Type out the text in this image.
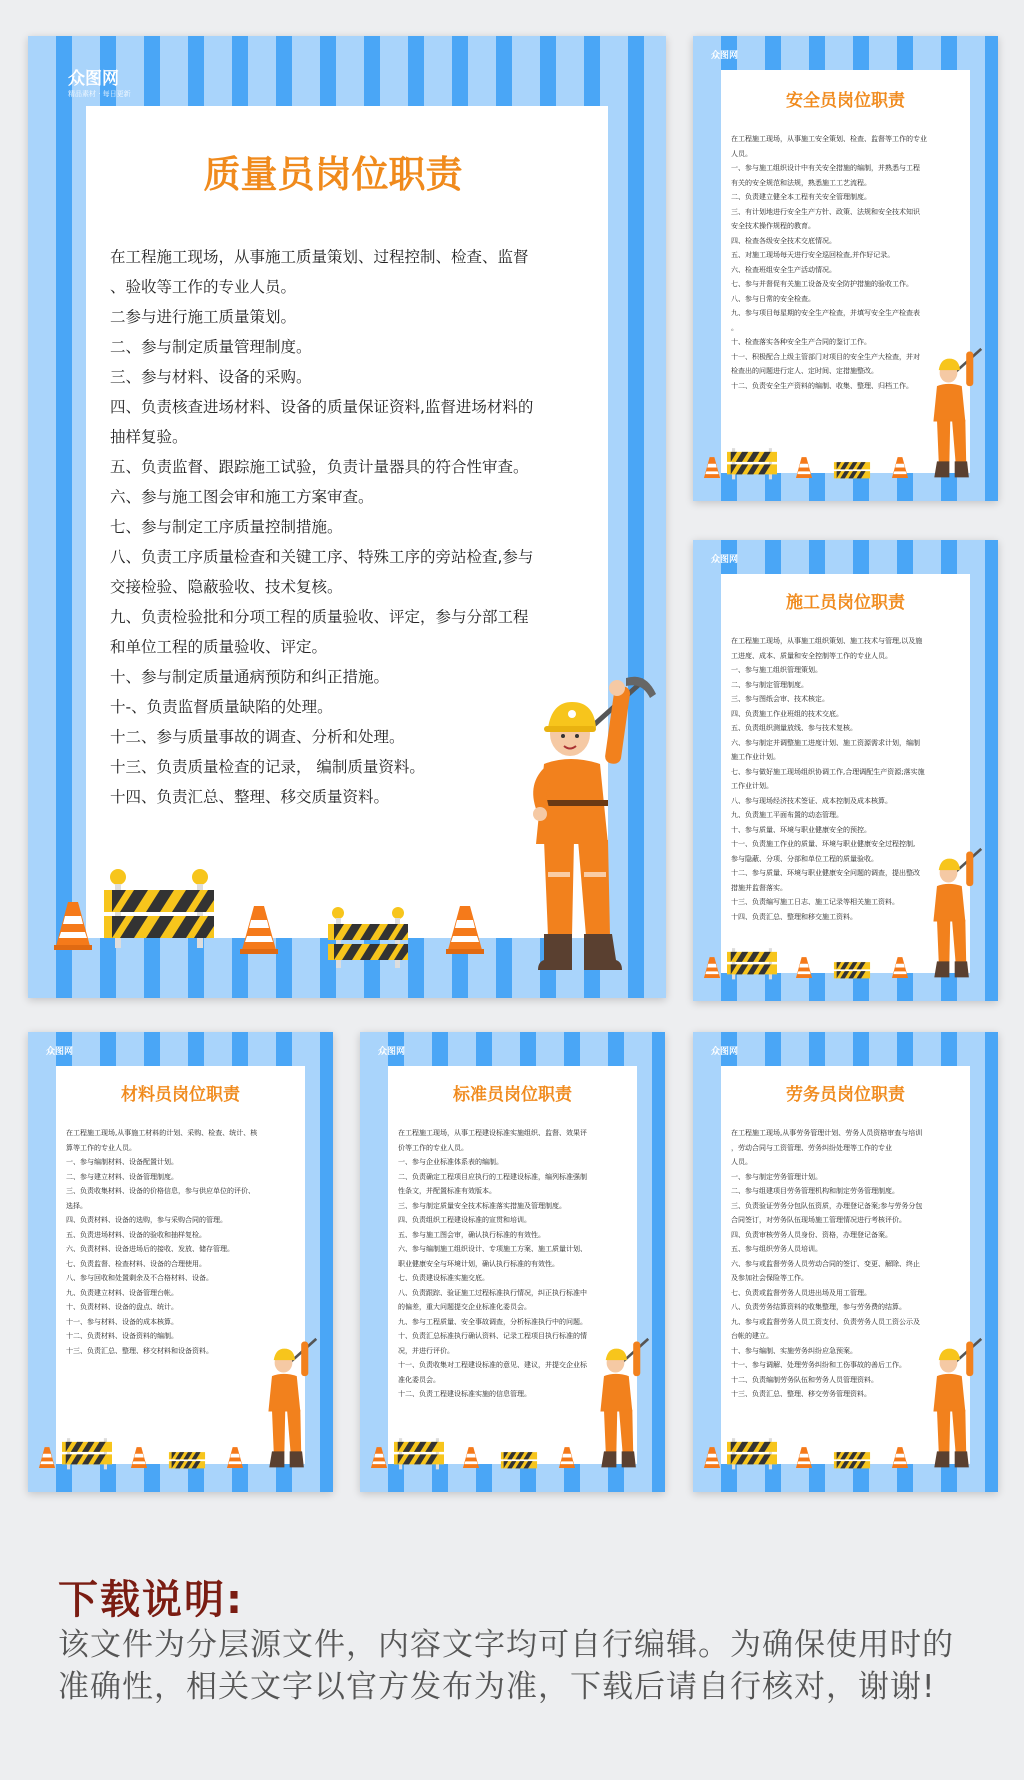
众图网
精品素材 · 每日更新
质量员岗位职责
在工程施工现场，从事施工质量策划、过程控制、检查、监督
、验收等工作的专业人员。
二参与进行施工质量策划。
二、参与制定质量管理制度。
三、参与材料、设备的采购。
四、负责核查进场材料、设备的质量保证资料,监督进场材料的
抽样复验。
五、负责监督、跟踪施工试验，负责计量器具的符合性审查。
六、参与施工图会审和施工方案审查。
七、参与制定工序质量控制措施。
八、负责工序质量检查和关键工序、特殊工序的旁站检查,参与
交接检验、隐蔽验收、技术复核。
九、负责检验批和分项工程的质量验收、评定，参与分部工程
和单位工程的质量验收、评定。
十、参与制定质量通病预防和纠正措施。
十-、负责监督质量缺陷的处理。
十二、参与质量事故的调查、分析和处理。
十三、负责质量检查的记录， 编制质量资料。
十四、负责汇总、整理、移交质量资料。
众图网
安全员岗位职责
在工程施工现场，从事施工安全策划、检查、监督等工作的专业
人员。
一、参与施工组织设计中有关安全措施的编制，并熟悉与工程
有关的安全规范和法规，熟悉施工工艺流程。
二、负责建立健全本工程有关安全管理制度。
三、有计划地进行安全生产方针、政策、法规和安全技术知识
安全技术操作规程的教育。
四、检查各级安全技术交底情况。
五、对施工现场每天进行安全巡回检查,并作好记录。
六、检查班组安全生产活动情况。
七、参与并督促有关施工设备及安全防护措施的验收工作。
八、参与日常的安全检查。
九、参与项目每星期的安全生产检查，并填写安全生产检查表
。
十、检查落实各种安全生产合同的鉴订工作。
十一、积极配合上级主管部门对项目的安全生产大检查，并对
检查出的问题进行定人、定时间、定措施整改。
十二、负责安全生产资料的编制、收集、整理、归档工作。
众图网
施工员岗位职责
在工程施工现场，从事施工组织策划、施工技术与管理,以及施
工进度、成本、质量和安全控制等工作的专业人员。
一、参与施工组织管理策划。
二、参与制定管理制度。
三、参与图纸会审、技术核定。
四、负责施工作业班组的技术交底。
五、负责组织测量放线、参与技术复核。
六、参与制定并调整施工进度计划、施工资源需求计划，编制
施工作业计划。
七、参与做好施工现场组织协调工作,合理调配生产资源;落实施
工作业计划。
八、参与现场经济技术签证、成本控制及成本核算。
九、负责施工平面布置的动态管理。
十、参与质量、环境与职业健康安全的预控。
十一、负责施工作业的质量、环境与职业健康安全过程控制,
参与隐蔽、分项、分部和单位工程的质量验收。
十二、参与质量、环境与职业健康安全问题的调查，提出整改
措施并监督落实。
十三、负责编写施工日志、施工记录等相关施工资料。
十四、负责汇总、整理和移交施工资料。
众图网
材料员岗位职责
在工程施工现场,从事施工材料的计划、采购、检查、统计、核
算等工作的专业人员。
一、参与编制材料、设备配置计划。
二、参与建立材料、设备管理制度。
三、负责收集材料、设备的价格信息，参与供应单位的评价、
选择。
四、负责材料、设备的选购，参与采购合同的管理。
五、负责进场材料、设备的验收和抽样复检。
六、负责材料、设备进场后的接收、发放、储存管理。
七、负责监督、检查材料、设备的合理使用。
八、参与回收和处置剩余及不合格材料、设备。
九、负责建立材料、设备管理台帐。
十、负责材料、设备的盘点、统计。
十一、参与材料、设备的成本核算。
十二、负责材料、设备资料的编制。
十三、负责汇总、整理、移交材料和设备资料。
众图网
标准员岗位职责
在工程施工现场，从事工程建设标准实施组织、监督、效果评
价等工作的专业人员。
一、参与企业标准体系表的编制。
二、负责确定工程项目应执行的工程建设标准，编列标准强制
性条文，并配置标准有效版本。
三、参与制定质量安全技术标准落实措施及管理制度。
四、负责组织工程建设标准的宣贯和培训。
五、参与施工图会审，确认执行标准的有效性。
六、参与编制施工组织设计、专项施工方案、施工质量计划、
职业健康安全与环境计划，确认执行标准的有效性。
七、负责建设标准实施交底。
八、负责跟踪、验证施工过程标准执行情况，纠正执行标准中
的偏差，重大问题提交企业标准化委员会。
九、参与工程质量、安全事故调查，分析标准执行中的问题。
十、负责汇总标准执行确认资料、记录工程项目执行标准的情
况，并进行评价。
十一、负责收集对工程建设标准的意见、建议，并提交企业标
准化委员会。
十二、负责工程建设标准实施的信息管理。
众图网
劳务员岗位职责
在工程施工现场,从事劳务管理计划、劳务人员资格审查与培训
，劳动合同与工资管理、劳务纠纷处理等工作的专业
人员。
一、参与制定劳务管理计划。
二、参与组建项目劳务管理机构和制定劳务管理制度。
三、负责验证劳务分包队伍资质，办理登记备案;参与劳务分包
合同签订，对劳务队伍现场施工管理情况进行考核评价。
四、负责审核劳务人员身份、资格，办理登记备案。
五、参与组织劳务人员培训。
六、参与或监督劳务人员劳动合同的签订、变更、解除、终止
及参加社会保险等工作。
七、负责或监督劳务人员进出场及用工管理。
八、负责劳务结算资料的收集整理，参与劳务费的结算。
九、参与或监督劳务人员工资支付、负责劳务人员工资公示及
台帐的建立。
十、参与编制、实施劳务纠纷应急预案。
十一、参与调解、处理劳务纠纷和工伤事故的善后工作。
十二、负责编制劳务队伍和劳务人员管理资料。
十三、负责汇总、整理、移交劳务管理资料。
下载说明:
该文件为分层源文件，内容文字均可自行编辑。为确保使用时的准确性，相关文字以官方发布为准，下载后请自行核对，谢谢!
